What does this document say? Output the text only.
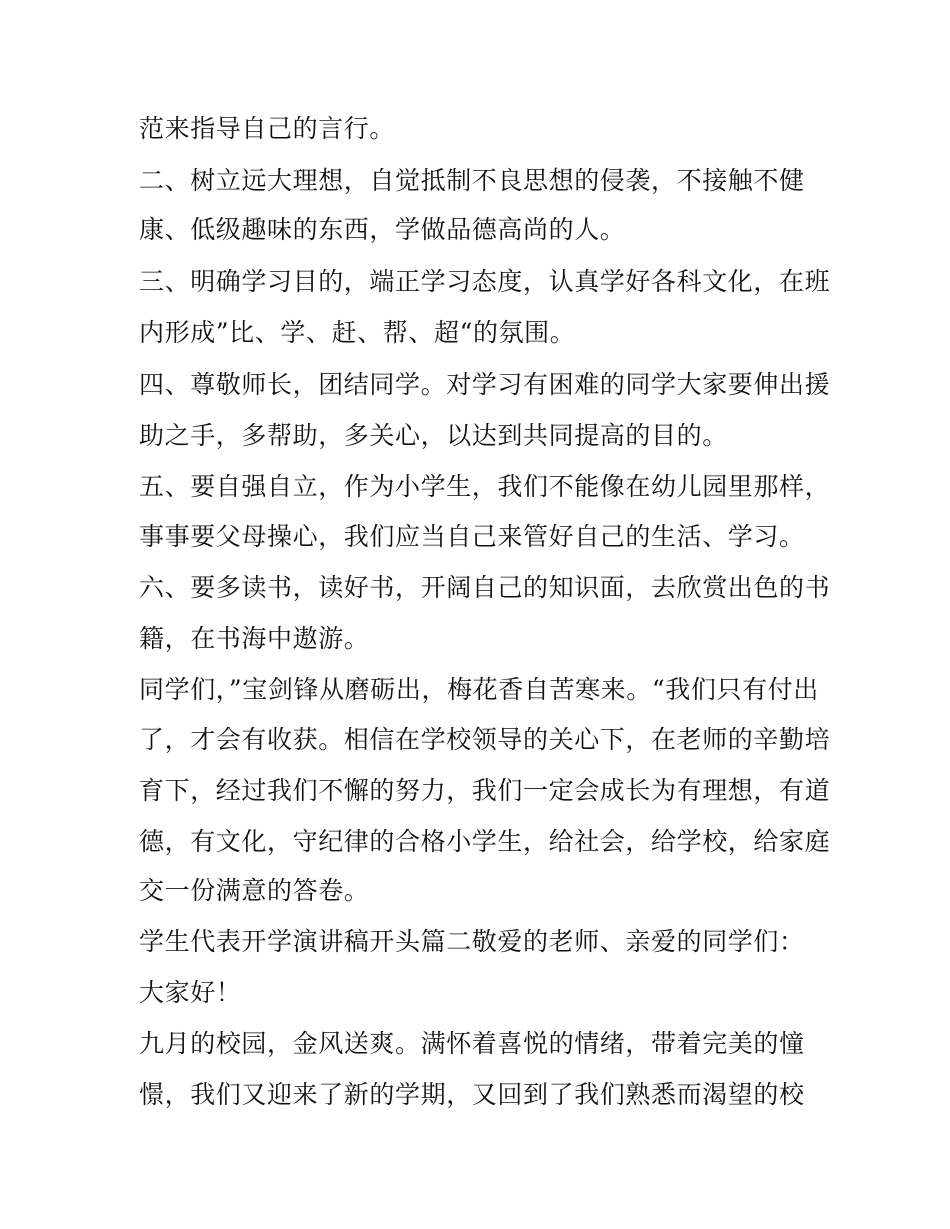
范来指导自己的言行。
二、树立远大理想，自觉抵制不良思想的侵袭，不接触不健
康、低级趣味的东西，学做品德高尚的人。
三、明确学习目的，端正学习态度，认真学好各科文化，在班
内形成”比、学、赶、帮、超“的氛围。
四、尊敬师长，团结同学。对学习有困难的同学大家要伸出援
助之手，多帮助，多关心，以达到共同提高的目的。
五、要自强自立，作为小学生，我们不能像在幼儿园里那样，
事事要父母操心，我们应当自己来管好自己的生活、学习。
六、要多读书，读好书，开阔自己的知识面，去欣赏出色的书
籍，在书海中遨游。
同学们，”宝剑锋从磨砺出，梅花香自苦寒来。“我们只有付出
了，才会有收获。相信在学校领导的关心下，在老师的辛勤培
育下，经过我们不懈的努力，我们一定会成长为有理想，有道
德，有文化，守纪律的合格小学生，给社会，给学校，给家庭
交一份满意的答卷。
学生代表开学演讲稿开头篇二敬爱的老师、亲爱的同学们：
大家好！
九月的校园，金风送爽。满怀着喜悦的情绪，带着完美的憧
憬，我们又迎来了新的学期，又回到了我们熟悉而渴望的校
